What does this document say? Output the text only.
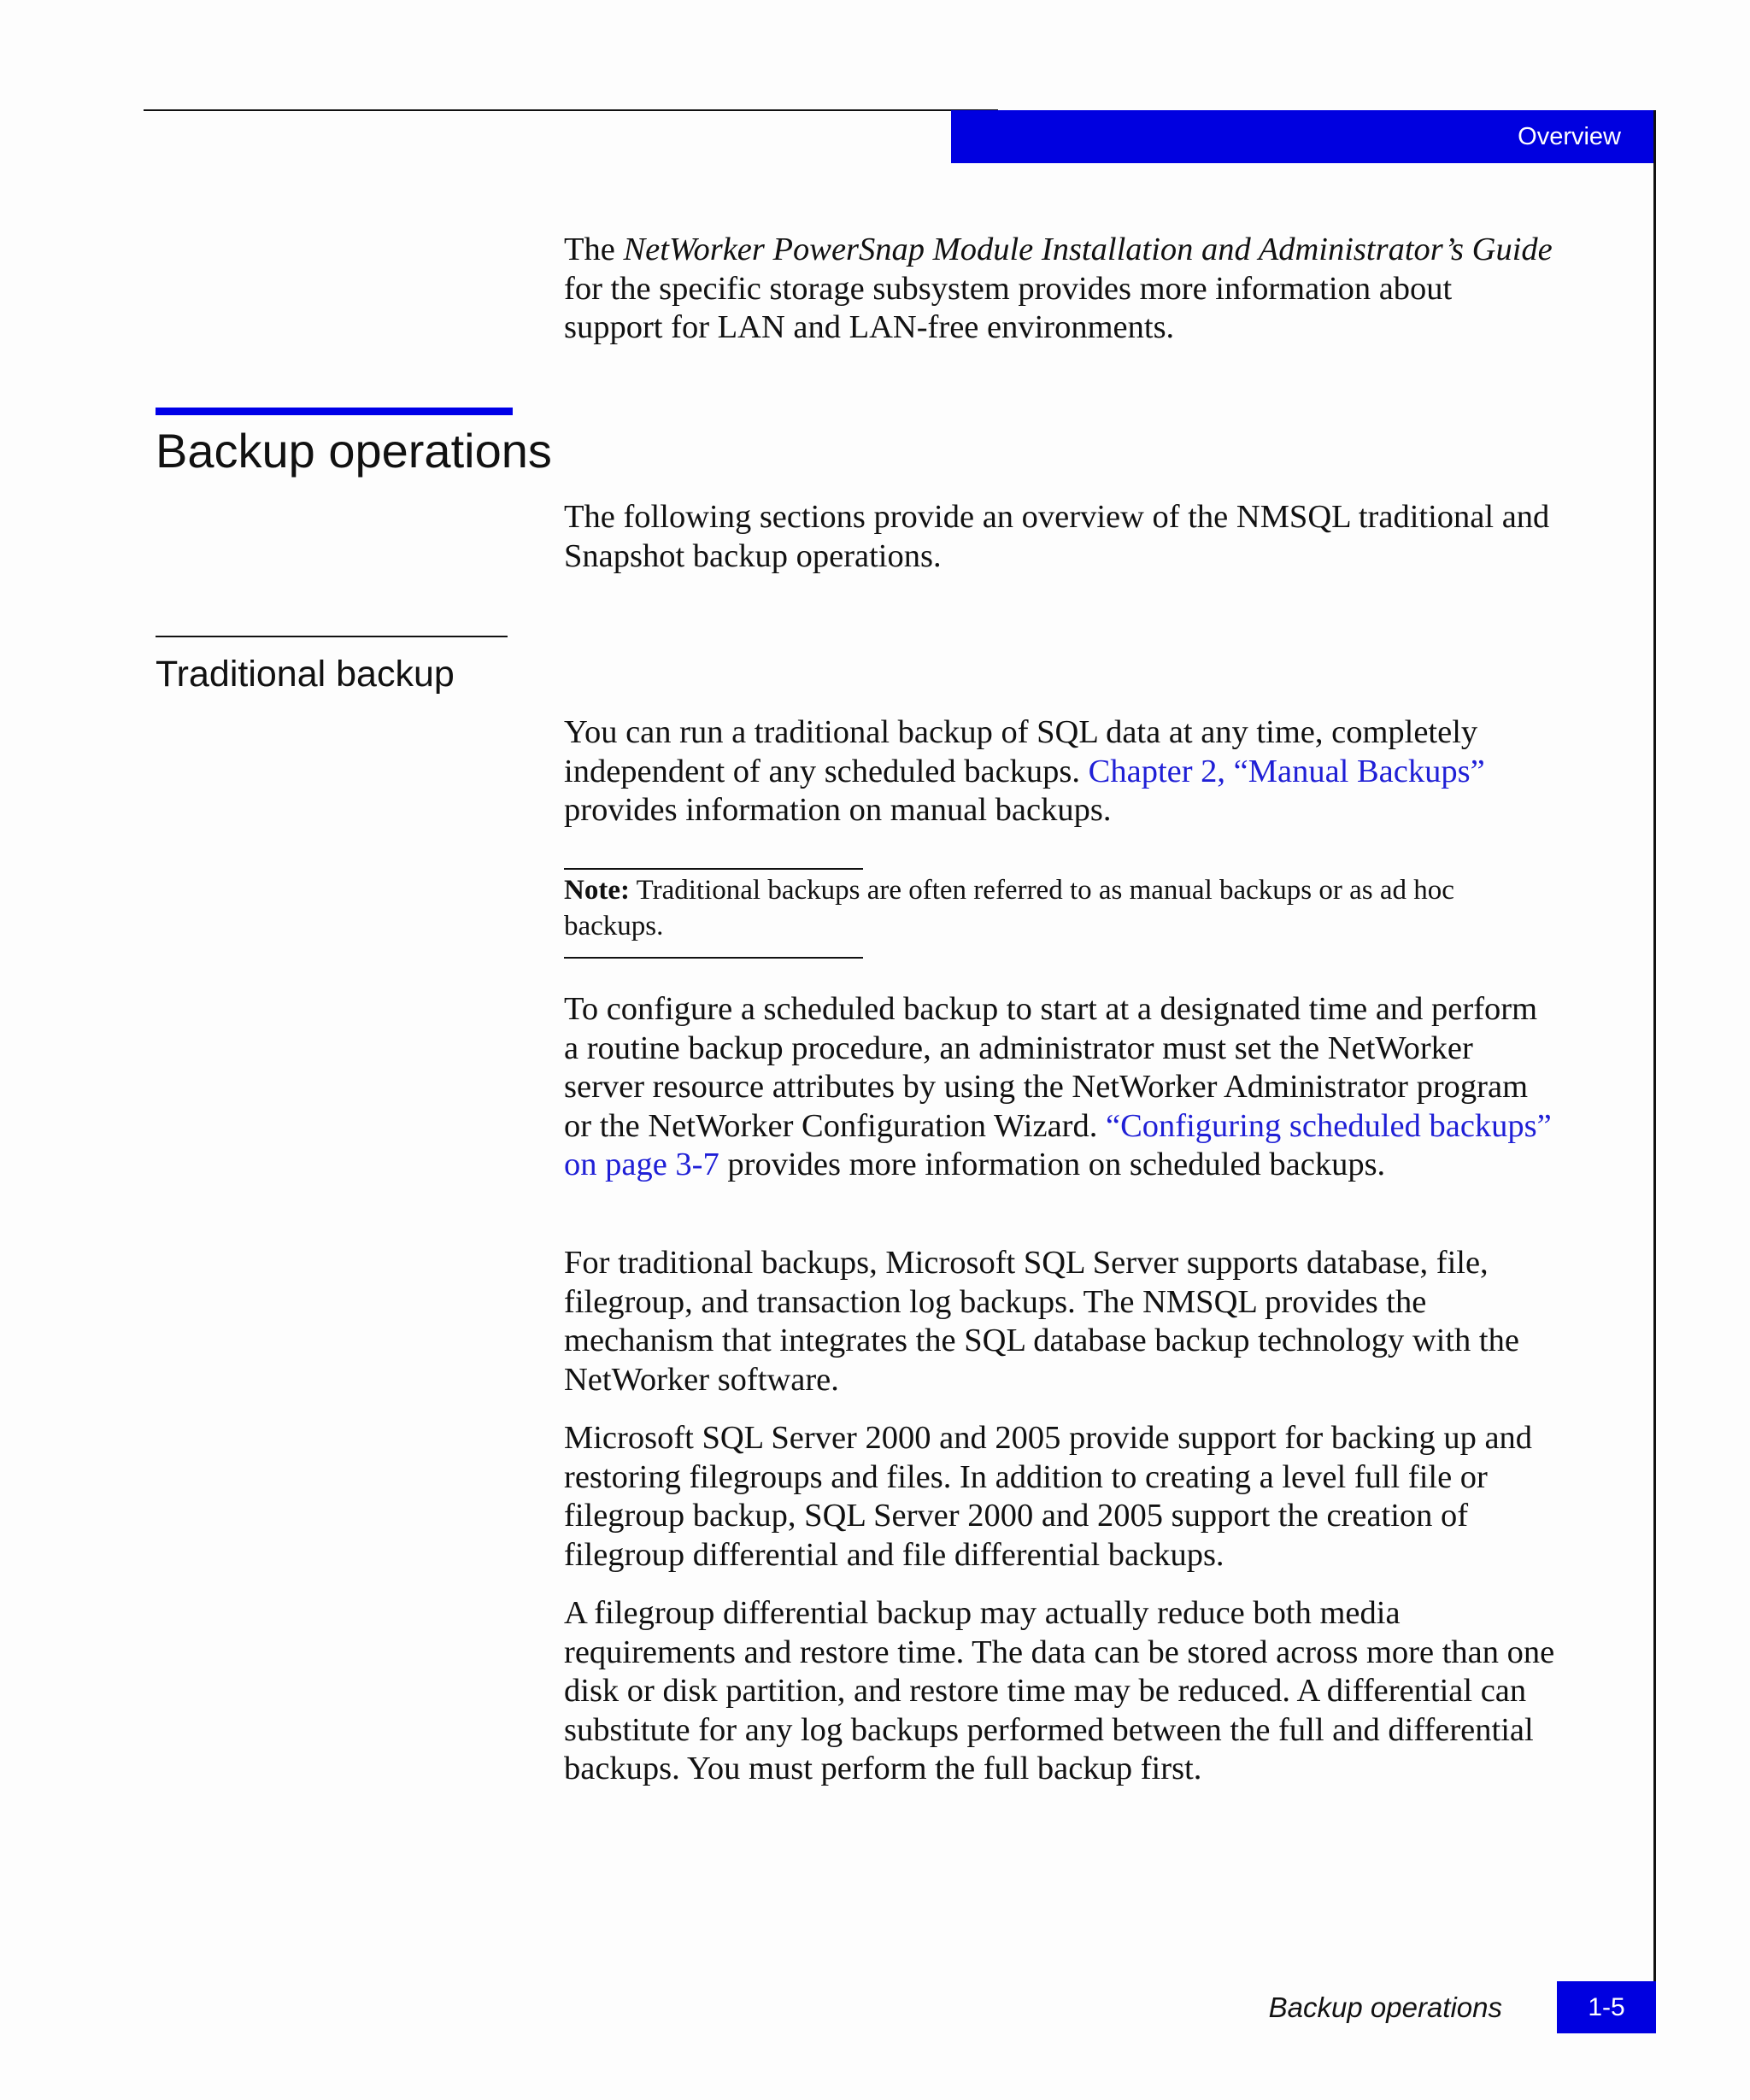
Overview

The NetWorker PowerSnap Module Installation and Administrator’s Guide for the specific storage subsystem provides more information about support for LAN and LAN-free environments.

Backup operations

The following sections provide an overview of the NMSQL traditional and Snapshot backup operations.

Traditional backup

You can run a traditional backup of SQL data at any time, completely independent of any scheduled backups. Chapter 2, “Manual Backups” provides information on manual backups.

Note: Traditional backups are often referred to as manual backups or as ad hoc backups.

To configure a scheduled backup to start at a designated time and perform a routine backup procedure, an administrator must set the NetWorker server resource attributes by using the NetWorker Administrator program or the NetWorker Configuration Wizard. “Configuring scheduled backups” on page 3-7 provides more information on scheduled backups.

For traditional backups, Microsoft SQL Server supports database, file, filegroup, and transaction log backups. The NMSQL provides the mechanism that integrates the SQL database backup technology with the NetWorker software.

Microsoft SQL Server 2000 and 2005 provide support for backing up and restoring filegroups and files. In addition to creating a level full file or filegroup backup, SQL Server 2000 and 2005 support the creation of filegroup differential and file differential backups.

A filegroup differential backup may actually reduce both media requirements and restore time. The data can be stored across more than one disk or disk partition, and restore time may be reduced. A differential can substitute for any log backups performed between the full and differential backups. You must perform the full backup first.

Backup operations	1-5
